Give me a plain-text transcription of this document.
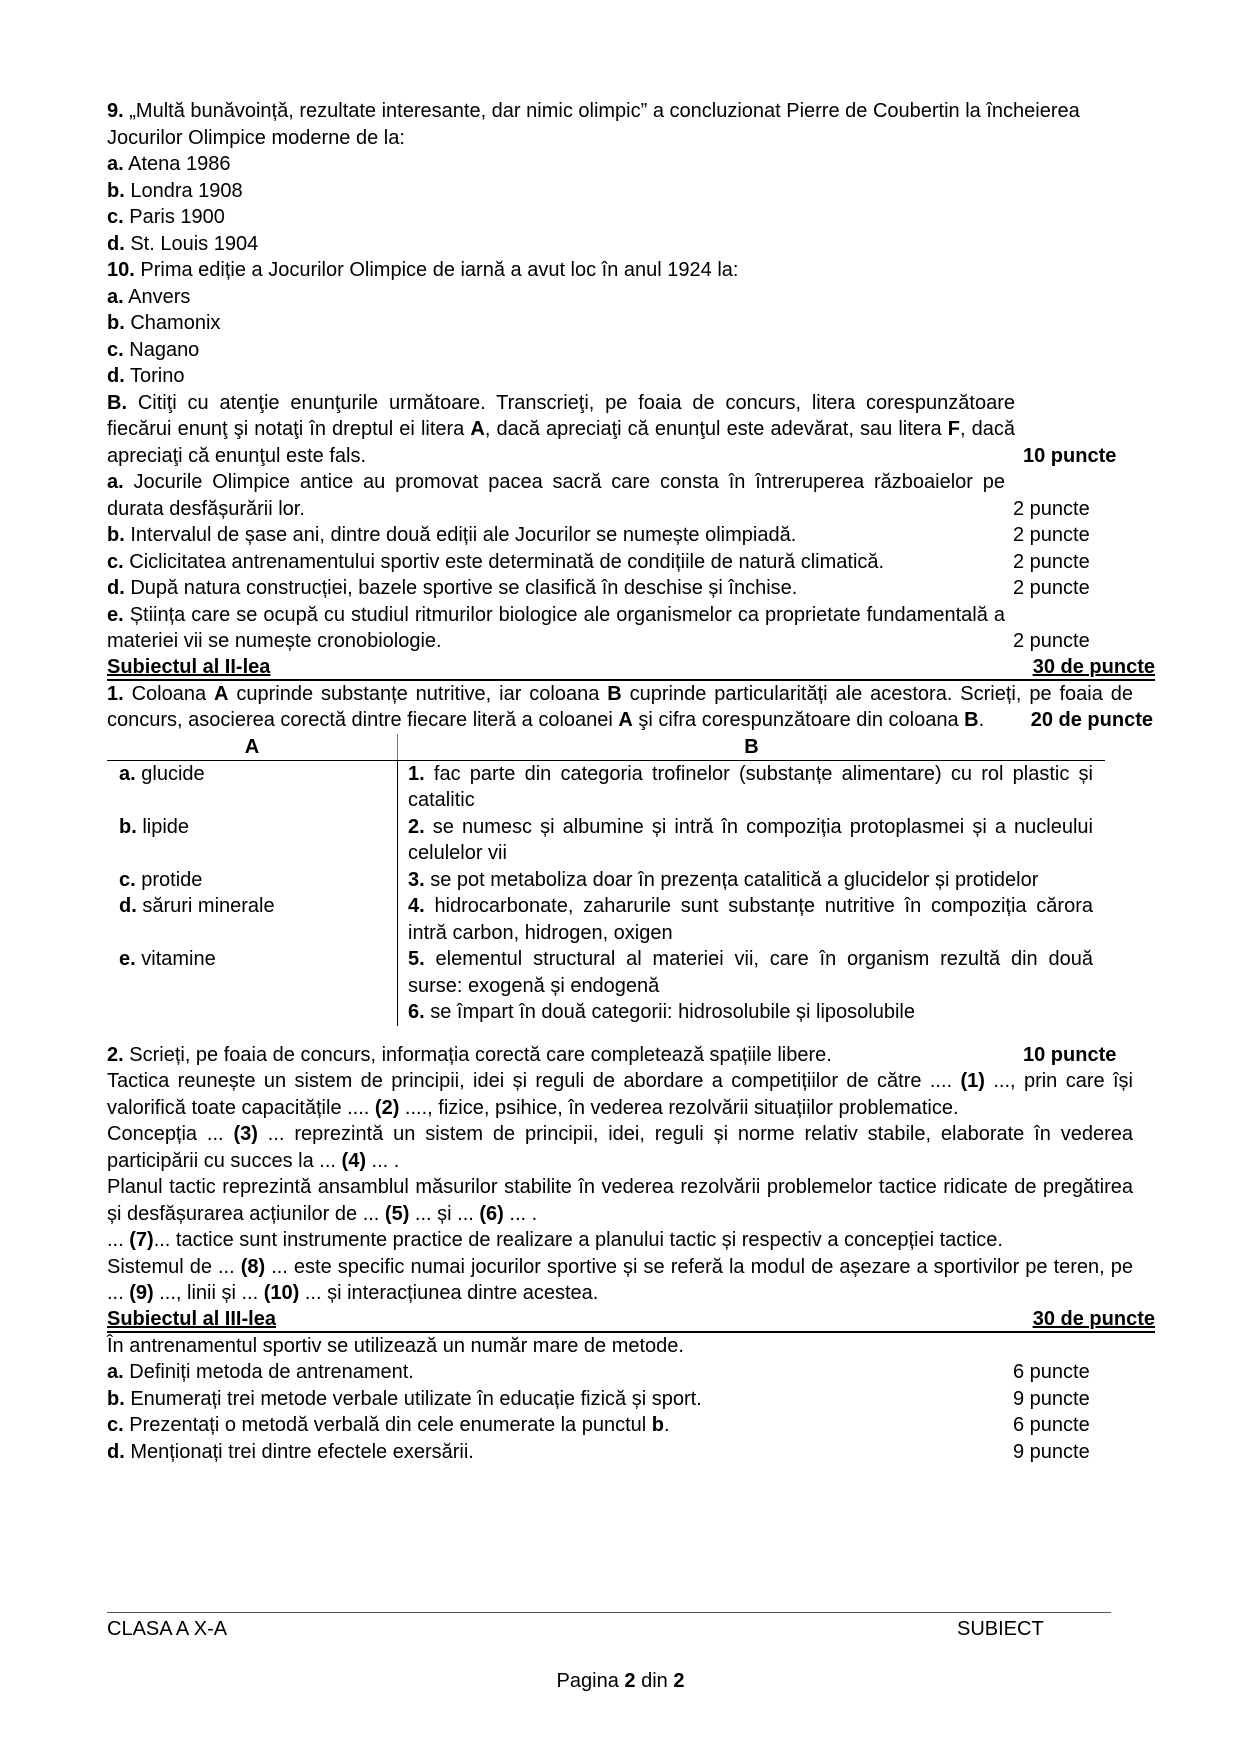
9. „Multă bunăvoință, rezultate interesante, dar nimic olimpic” a concluzionat Pierre de Coubertin la încheierea Jocurilor Olimpice moderne de la:
a. Atena 1986
b. Londra 1908
c. Paris 1900
d. St. Louis 1904
10. Prima ediție a Jocurilor Olimpice de iarnă a avut loc în anul 1924 la:
a. Anvers
b. Chamonix
c. Nagano
d. Torino
B. Citiţi cu atenţie enunţurile următoare. Transcrieţi, pe foaia de concurs, litera corespunzătoare fiecărui enunţ şi notaţi în dreptul ei litera A, dacă apreciaţi că enunţul este adevărat, sau litera F, dacă apreciaţi că enunţul este fals.	10 puncte
a. Jocurile Olimpice antice au promovat pacea sacră care consta în întreruperea războaielor pe durata desfășurării lor.	2 puncte
b. Intervalul de șase ani, dintre două ediții ale Jocurilor se numește olimpiadă.	2 puncte
c. Ciclicitatea antrenamentului sportiv este determinată de condițiile de natură climatică.	2 puncte
d. După natura construcției, bazele sportive se clasifică în deschise și închise.	2 puncte
e. Știința care se ocupă cu studiul ritmurilor biologice ale organismelor ca proprietate fundamentală a materiei vii se numește cronobiologie.	2 puncte
Subiectul al II-lea	30 de puncte
1. Coloana A cuprinde substanțe nutritive, iar coloana B cuprinde particularități ale acestora. Scrieți, pe foaia de concurs, asocierea corectă dintre fiecare literă a coloanei A şi cifra corespunzătoare din coloana B. 20 de puncte
A	B
a. glucide	1. fac parte din categoria trofinelor (substanțe alimentare) cu rol plastic și catalitic
b. lipide	2. se numesc și albumine și intră în compoziția protoplasmei și a nucleului celulelor vii
c. protide	3. se pot metaboliza doar în prezența catalitică a glucidelor și protidelor
d. săruri minerale	4. hidrocarbonate, zaharurile sunt substanțe nutritive în compoziția cărora intră carbon, hidrogen, oxigen
e. vitamine	5. elementul structural al materiei vii, care în organism rezultă din două surse: exogenă și endogenă
	6. se împart în două categorii: hidrosolubile și liposolubile
2. Scrieți, pe foaia de concurs, informația corectă care completează spațiile libere.	10 puncte
Tactica reunește un sistem de principii, idei și reguli de abordare a competițiilor de către .... (1) ..., prin care își valorifică toate capacitățile .... (2) ...., fizice, psihice, în vederea rezolvării situațiilor problematice.
Concepția ... (3) ... reprezintă un sistem de principii, idei, reguli și norme relativ stabile, elaborate în vederea participării cu succes la ... (4) ... .
Planul tactic reprezintă ansamblul măsurilor stabilite în vederea rezolvării problemelor tactice ridicate de pregătirea și desfășurarea acțiunilor de ... (5) ... și ... (6) ... .
... (7)... tactice sunt instrumente practice de realizare a planului tactic și respectiv a concepției tactice.
Sistemul de ... (8) ... este specific numai jocurilor sportive și se referă la modul de așezare a sportivilor pe teren, pe ... (9) ..., linii și ... (10) ... și interacțiunea dintre acestea.
Subiectul al III-lea	30 de puncte
În antrenamentul sportiv se utilizează un număr mare de metode.
a. Definiți metoda de antrenament.	6 puncte
b. Enumerați trei metode verbale utilizate în educație fizică și sport.	9 puncte
c. Prezentați o metodă verbală din cele enumerate la punctul b.	6 puncte
d. Menționați trei dintre efectele exersării.	9 puncte
CLASA A X-A	SUBIECT
Pagina 2 din 2
